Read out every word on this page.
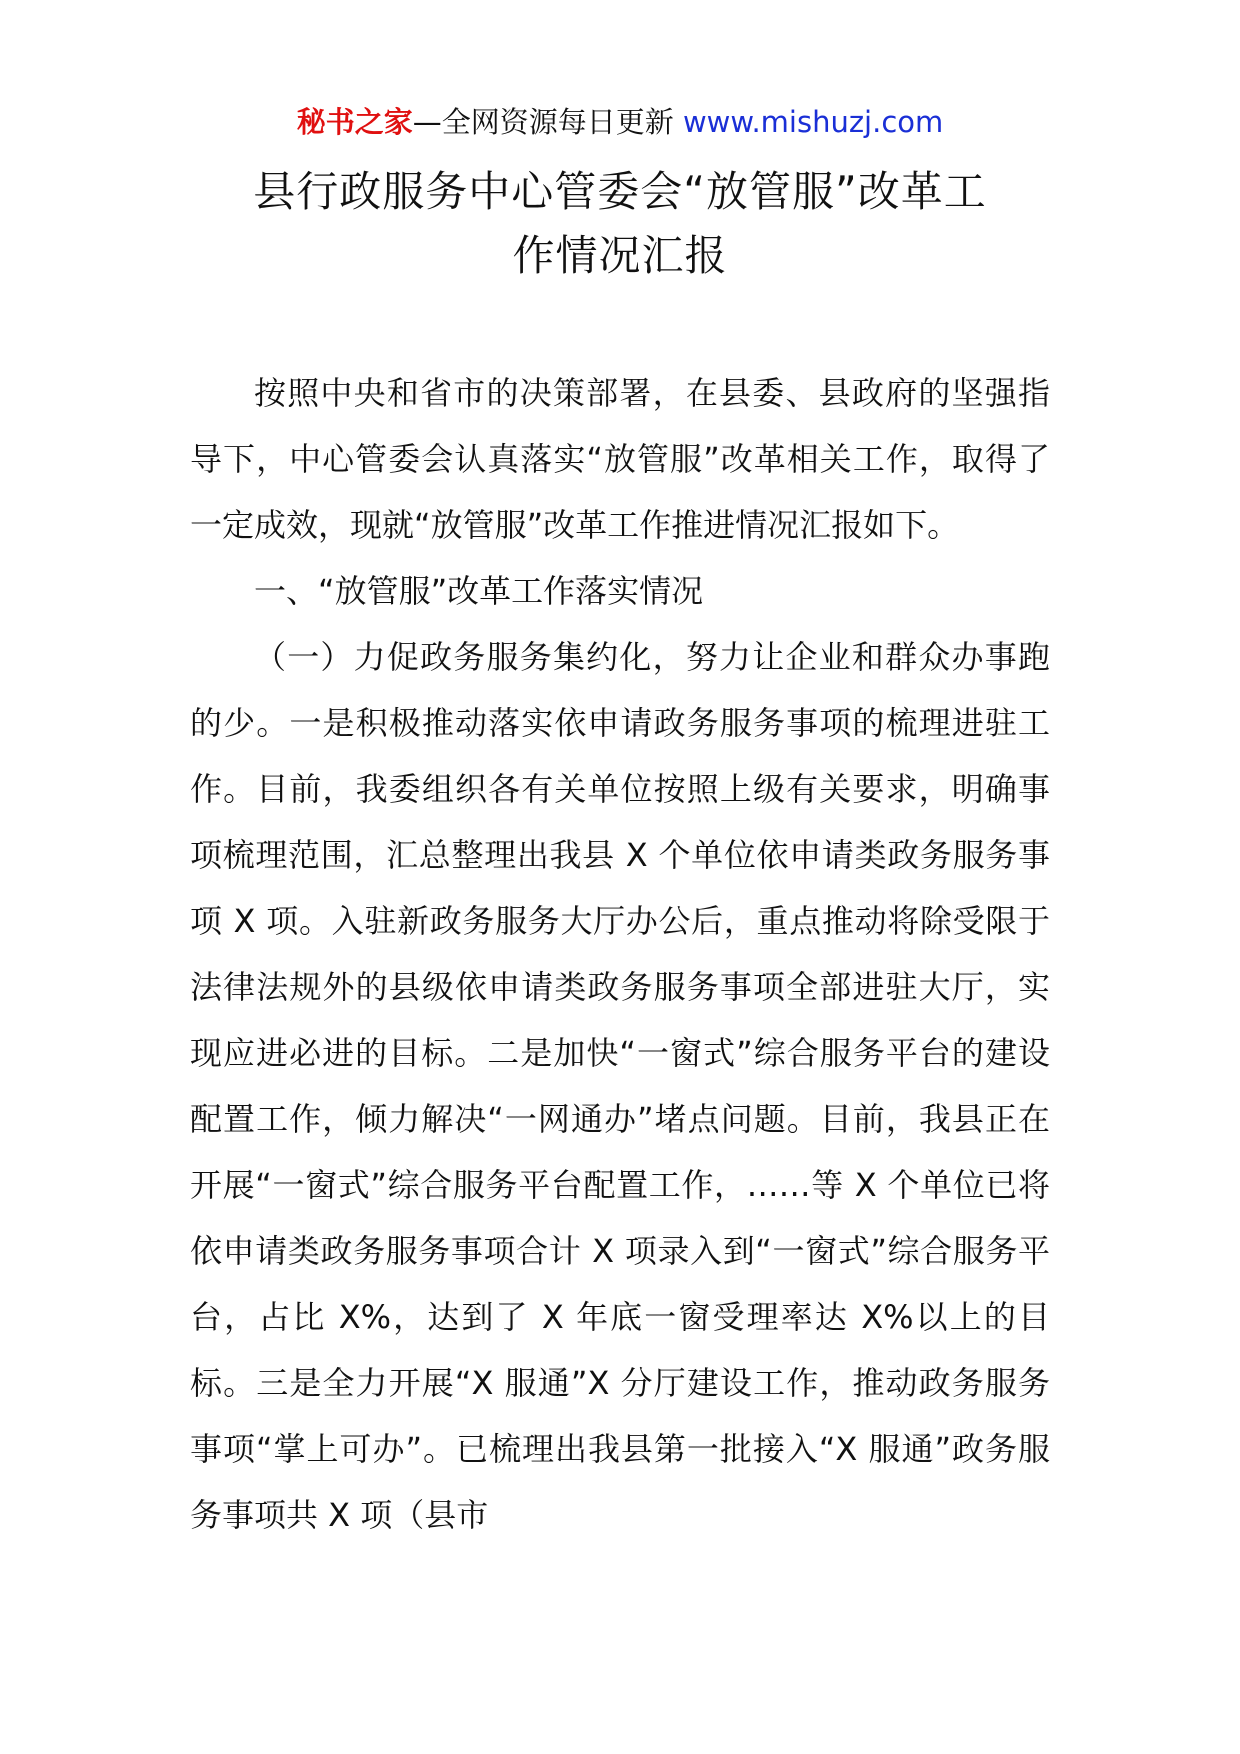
秘书之家—全网资源每日更新 www.mishuzj.com
县行政服务中心管委会“放管服”改革工
作情况汇报

按照中央和省市的决策部署，在县委、县政府的坚强指导下，中心管委会认真落实“放管服”改革相关工作，取得了一定成效，现就“放管服”改革工作推进情况汇报如下。

一、“放管服”改革工作落实情况

（一）力促政务服务集约化，努力让企业和群众办事跑的少。一是积极推动落实依申请政务服务事项的梳理进驻工作。目前，我委组织各有关单位按照上级有关要求，明确事项梳理范围，汇总整理出我县 X 个单位依申请类政务服务事项 X 项。入驻新政务服务大厅办公后，重点推动将除受限于法律法规外的县级依申请类政务服务事项全部进驻大厅，实现应进必进的目标。二是加快“一窗式”综合服务平台的建设配置工作，倾力解决“一网通办”堵点问题。目前，我县正在开展“一窗式”综合服务平台配置工作，……等 X 个单位已将依申请类政务服务事项合计 X 项录入到“一窗式”综合服务平台，占比 X%，达到了 X 年底一窗受理率达 X%以上的目标。三是全力开展“X 服通”X 分厅建设工作，推动政务服务事项“掌上可办”。已梳理出我县第一批接入“X 服通”政务服务事项共 X 项（县市
